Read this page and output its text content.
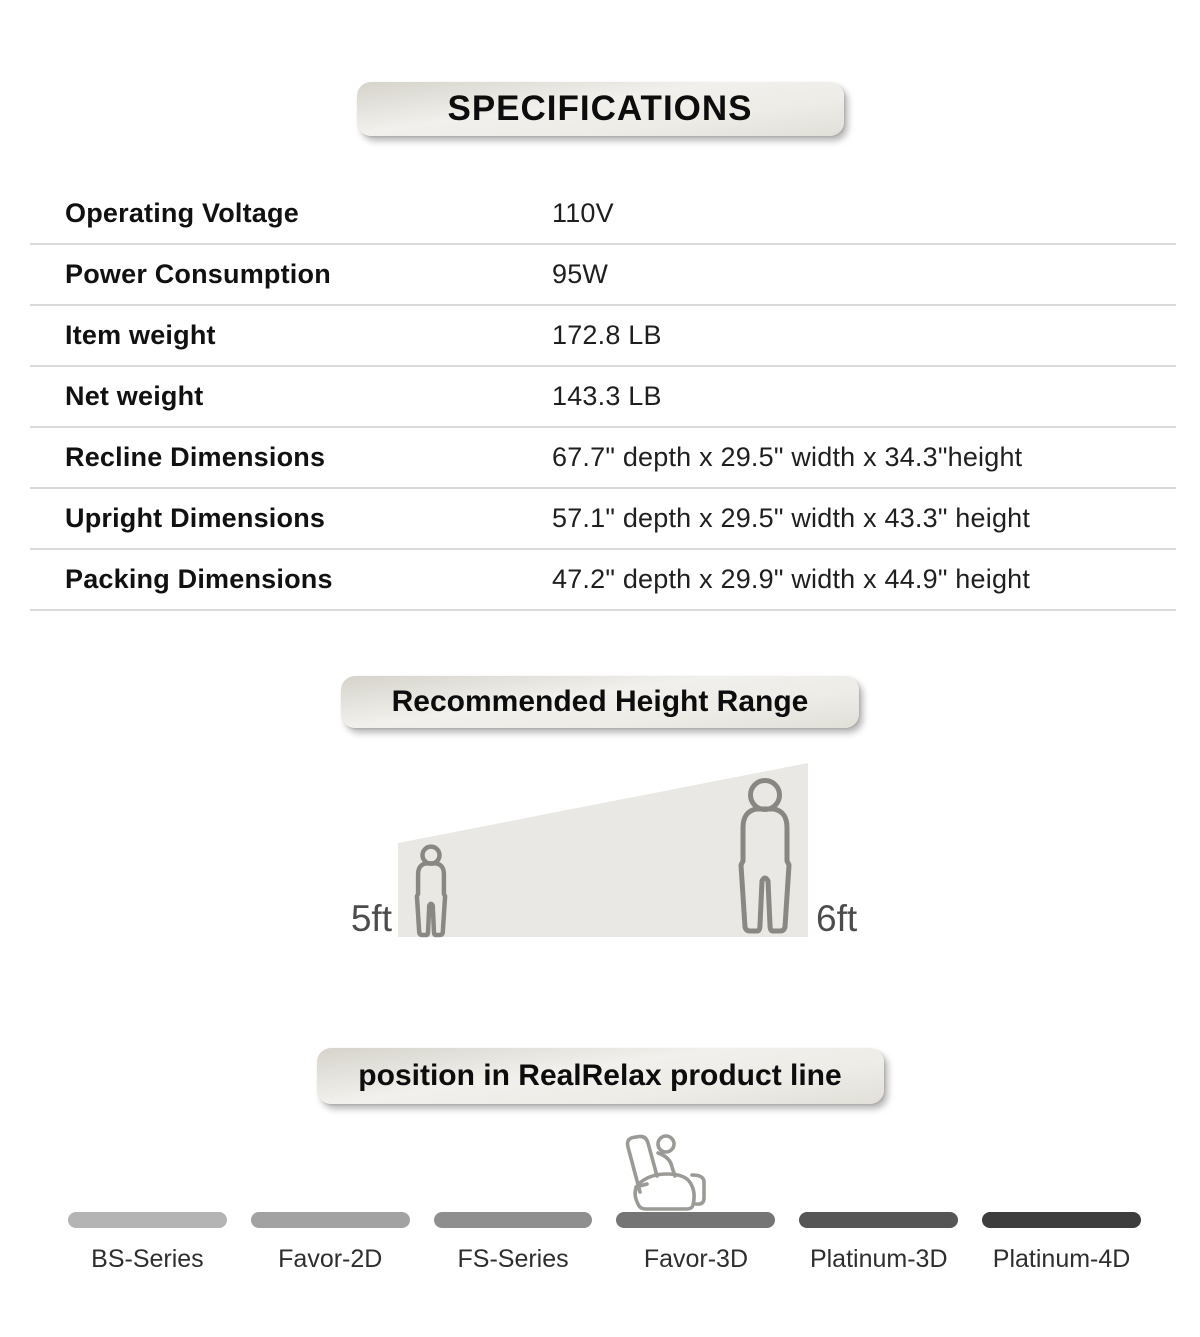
SPECIFICATIONS
Operating Voltage	110V
Power Consumption	95W
Item weight	172.8 LB
Net weight	143.3 LB
Recline Dimensions	67.7" depth x 29.5" width x 34.3"height
Upright Dimensions	57.1" depth x 29.5" width x 43.3" height
Packing Dimensions	47.2" depth x 29.9" width x 44.9" height
Recommended Height Range
5ft	6ft
position in RealRelax product line
BS-Series	Favor-2D	FS-Series	Favor-3D Platinum-3D Platinum-4D
